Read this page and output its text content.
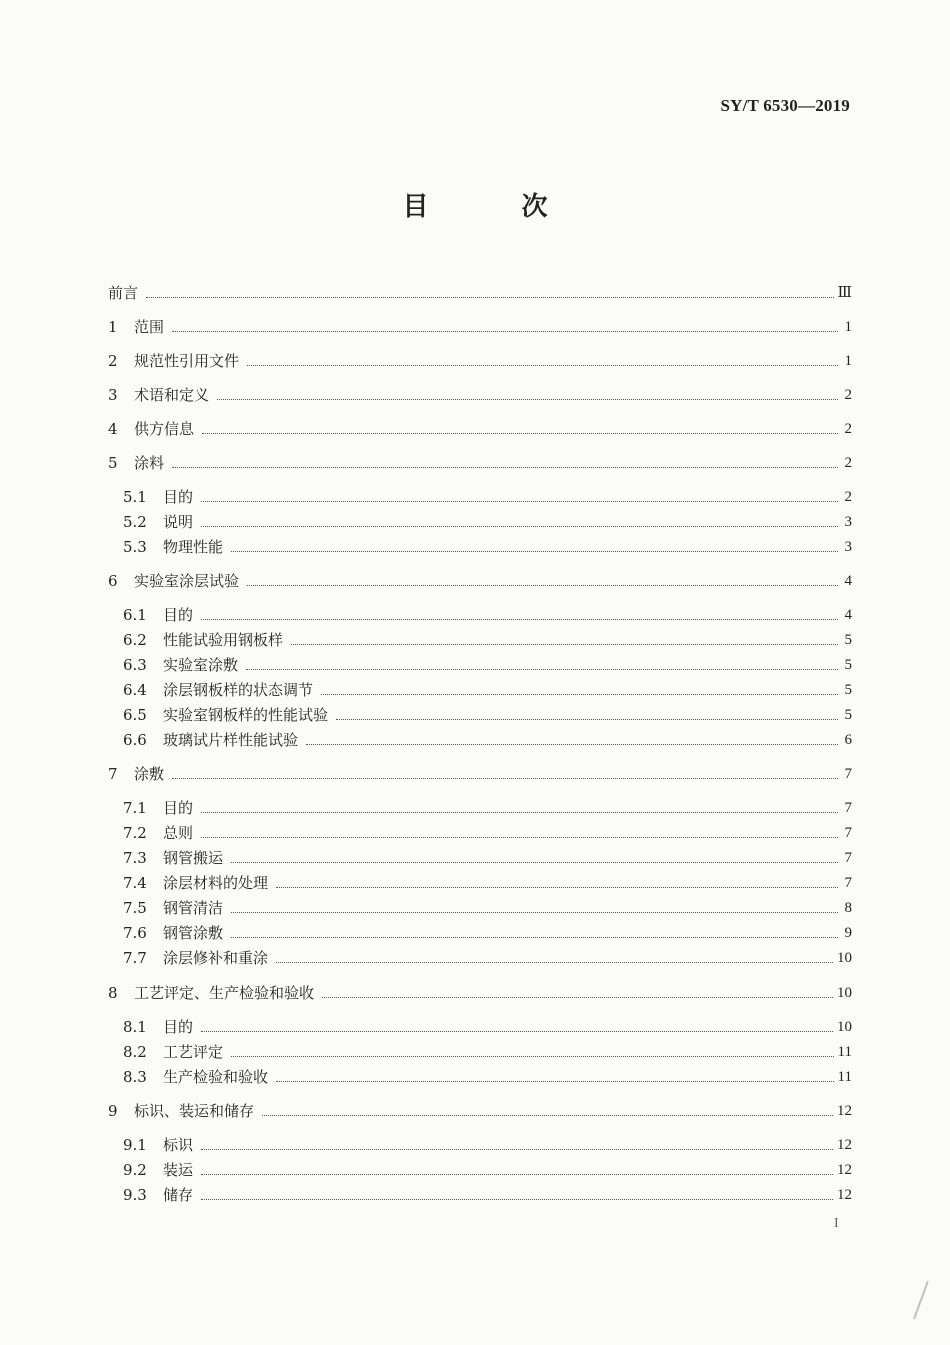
SY/T 6530—2019
目 次
前言	Ⅲ
1	范围	1
2	规范性引用文件	1
3	术语和定义	2
4	供方信息	2
5	涂料	2
5.1	目的	2
5.2	说明	3
5.3	物理性能	3
6	实验室涂层试验	4
6.1	目的	4
6.2	性能试验用钢板样	5
6.3	实验室涂敷	5
6.4	涂层钢板样的状态调节	5
6.5	实验室钢板样的性能试验	5
6.6	玻璃试片样性能试验	6
7	涂敷	7
7.1	目的	7
7.2	总则	7
7.3	钢管搬运	7
7.4	涂层材料的处理	7
7.5	钢管清洁	8
7.6	钢管涂敷	9
7.7	涂层修补和重涂	10
8	工艺评定、生产检验和验收	10
8.1	目的	10
8.2	工艺评定	11
8.3	生产检验和验收	11
9	标识、装运和储存	12
9.1	标识	12
9.2	装运	12
9.3	储存	12
I
